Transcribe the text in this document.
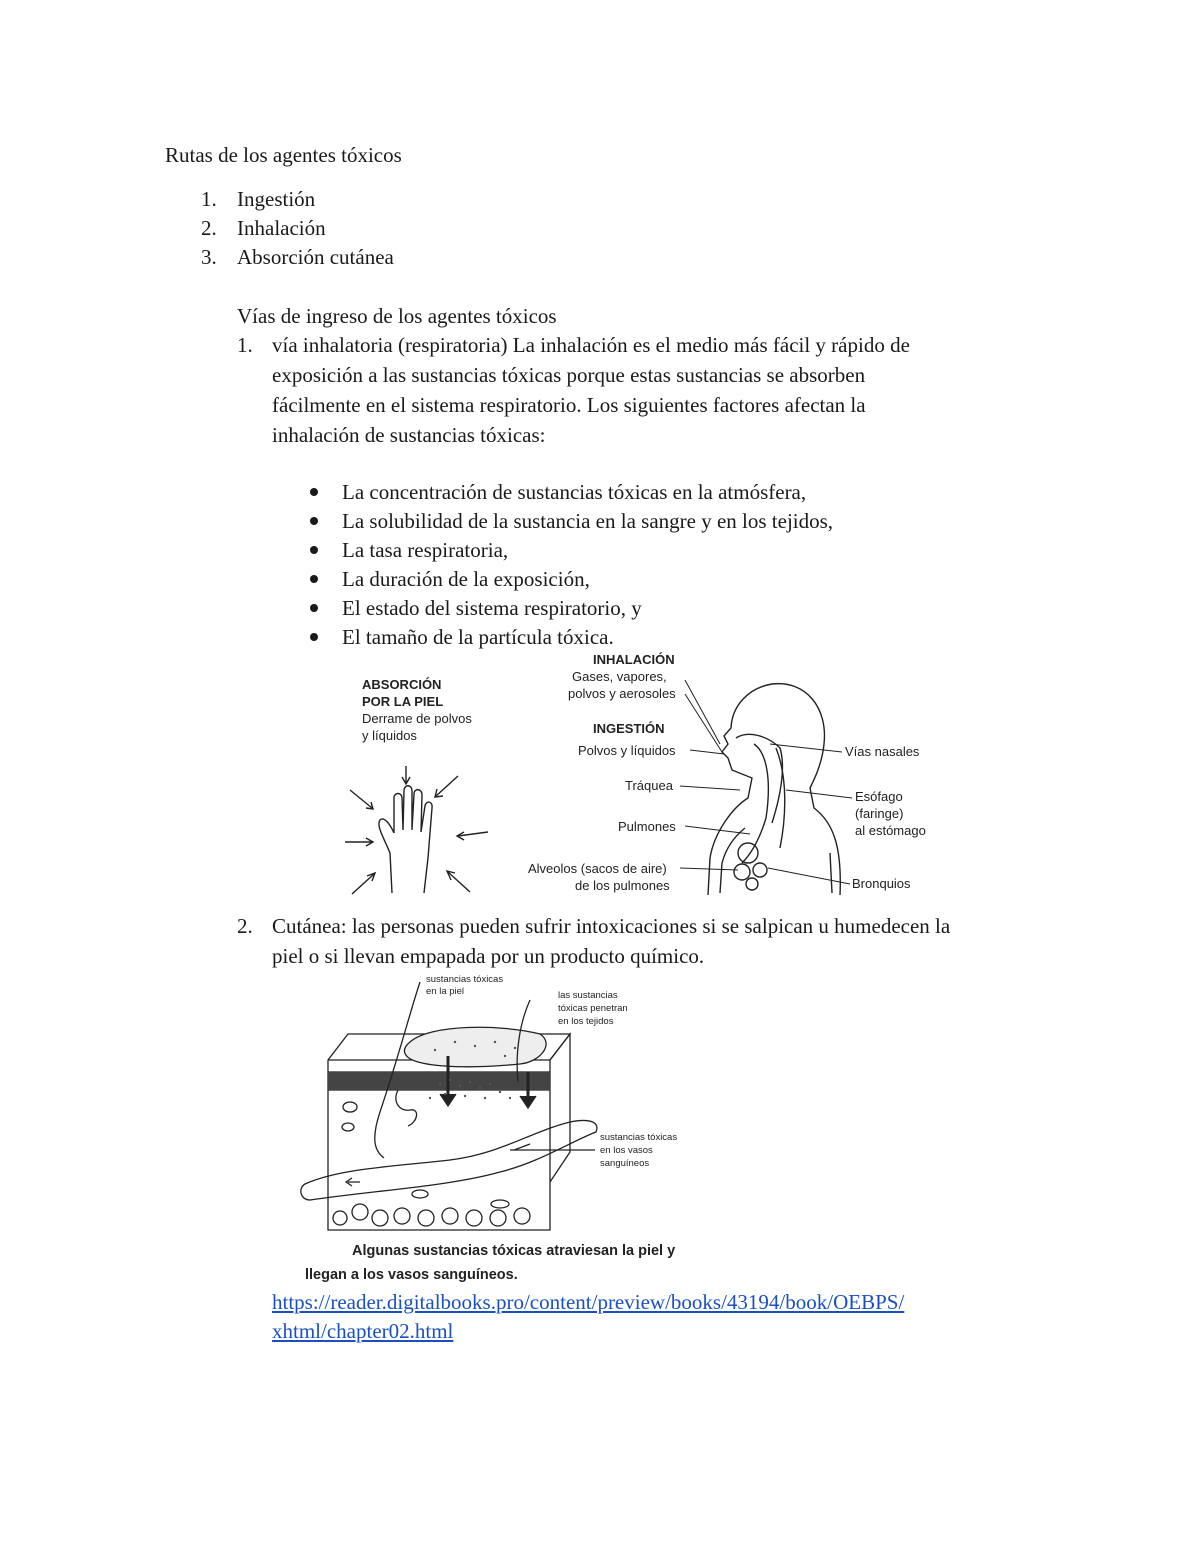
Rutas de los agentes tóxicos
1. Ingestión
2. Inhalación
3. Absorción cutánea
Vías de ingreso de los agentes tóxicos
1. vía inhalatoria (respiratoria) La inhalación es el medio más fácil y rápido de
exposición a las sustancias tóxicas porque estas sustancias se absorben
fácilmente en el sistema respiratorio. Los siguientes factores afectan la
inhalación de sustancias tóxicas:
La concentración de sustancias tóxicas en la atmósfera,
La solubilidad de la sustancia en la sangre y en los tejidos,
La tasa respiratoria,
La duración de la exposición,
El estado del sistema respiratorio, y
El tamaño de la partícula tóxica.
ABSORCIÓN
POR LA PIEL
Derrame de polvos
y líquidos
INHALACIÓN
Gases, vapores,
polvos y aerosoles
INGESTIÓN
Polvos y líquidos
Tráquea
Pulmones
Alveolos (sacos de aire)
de los pulmones
Vías nasales
Esófago
(faringe)
al estómago
Bronquios
2. Cutánea: las personas pueden sufrir intoxicaciones si se salpican u humedecen la
piel o si llevan empapada por un producto químico.
sustancias tóxicas
en la piel	las sustancias
tóxicas penetran
en los tejidos
sustancias tóxicas
en los vasos
sanguíneos
Algunas sustancias tóxicas atraviesan la piel y
llegan a los vasos sanguíneos.
https://reader.digitalbooks.pro/content/preview/books/43194/book/OEBPS/
xhtml/chapter02.html
